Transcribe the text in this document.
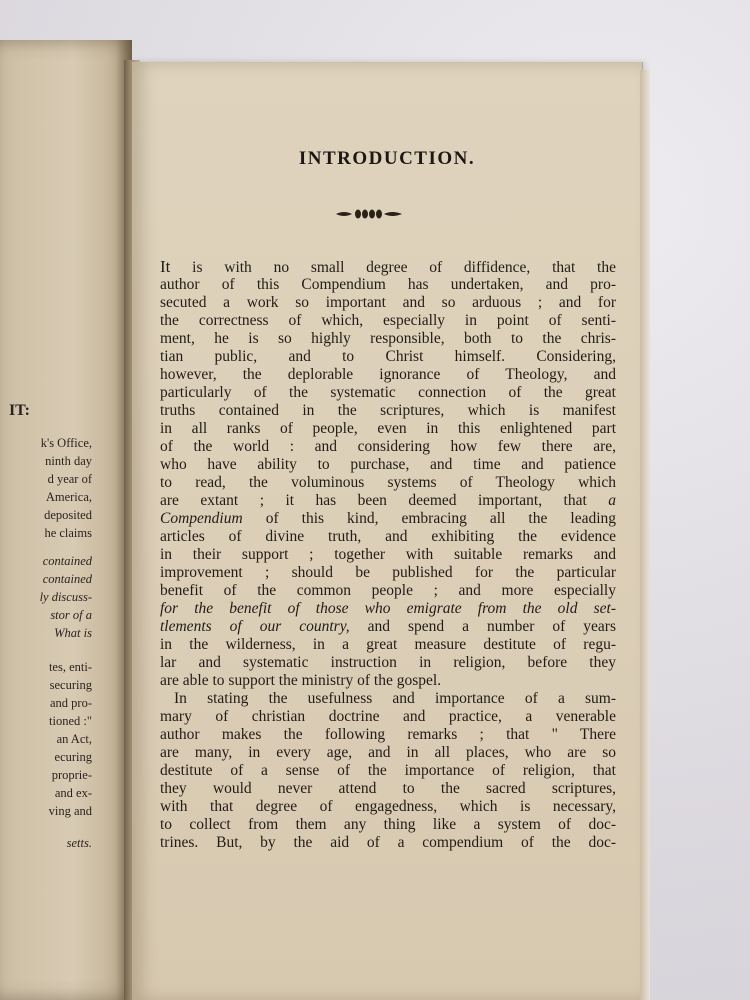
IT:
k's Office,
ninth day
d year of
America,
deposited
he claims
contained
contained
ly discuss-
stor of a
What is
tes, enti-
securing
and pro-
tioned :"
an Act,
ecuring
proprie-
and ex-
ving and
setts.
INTRODUCTION.
It is with no small degree of diffidence, that the
author of this Compendium has undertaken, and pro-
secuted a work so important and so arduous ; and for
the correctness of which, especially in point of senti-
ment, he is so highly responsible, both to the chris-
tian public, and to Christ himself. Considering,
however, the deplorable ignorance of Theology, and
particularly of the systematic connection of the great
truths contained in the scriptures, which is manifest
in all ranks of people, even in this enlightened part
of the world : and considering how few there are,
who have ability to purchase, and time and patience
to read, the voluminous systems of Theology which
are extant ; it has been deemed important, that a
Compendium of this kind, embracing all the leading
articles of divine truth, and exhibiting the evidence
in their support ; together with suitable remarks and
improvement ; should be published for the particular
benefit of the common people ; and more especially
for the benefit of those who emigrate from the old set-
tlements of our country, and spend a number of years
in the wilderness, in a great measure destitute of regu-
lar and systematic instruction in religion, before they
are able to support the ministry of the gospel.
In stating the usefulness and importance of a sum-
mary of christian doctrine and practice, a venerable
author makes the following remarks ; that " There
are many, in every age, and in all places, who are so
destitute of a sense of the importance of religion, that
they would never attend to the sacred scriptures,
with that degree of engagedness, which is necessary,
to collect from them any thing like a system of doc-
trines. But, by the aid of a compendium of the doc-
